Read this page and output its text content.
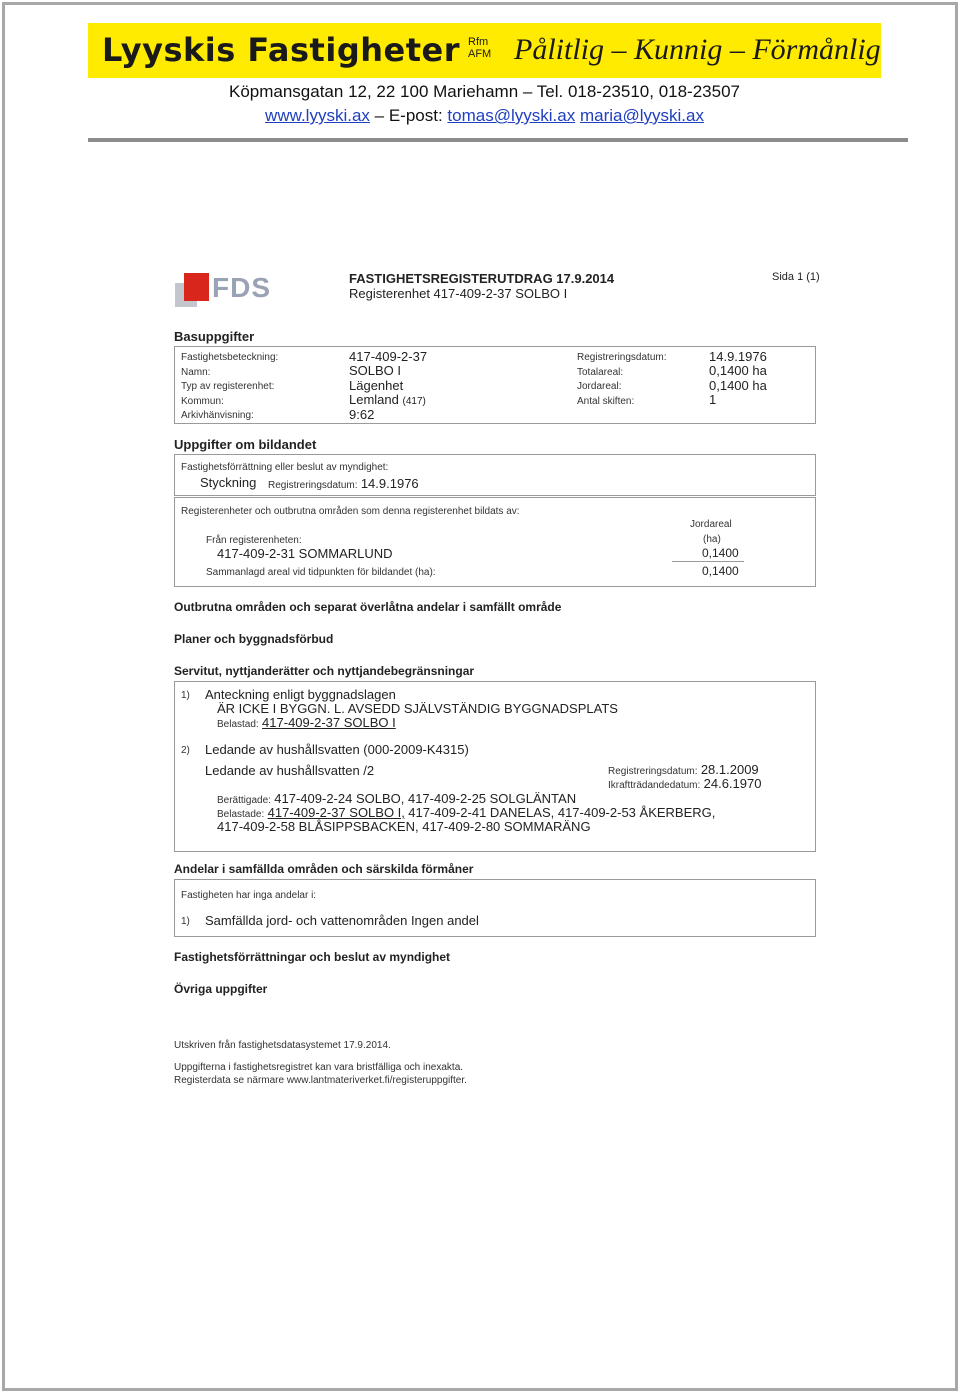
Lyyskis Fastigheter Rfm
AFM Pålitlig – Kunnig – Förmånlig
Köpmansgatan 12, 22 100 Mariehamn – Tel. 018-23510, 018-23507
www.lyyski.ax – E-post: tomas@lyyski.ax maria@lyyski.ax
FDS	FASTIGHETSREGISTERUTDRAG 17.9.2014
Registerenhet 417-409-2-37 SOLBO I
Sida 1 (1)
Basuppgifter
Fastighetsbeteckning:	417-409-2-37
Namn:	SOLBO I
Typ av registerenhet:	Lägenhet
Kommun:	Lemland (417)
Arkivhänvisning:	9:62
Registreringsdatum:	14.9.1976
Totalareal:	0,1400 ha
Jordareal:	0,1400 ha
Antal skiften:	1
Uppgifter om bildandet
Fastighetsförrättning eller beslut av myndighet:
Styckning Registreringsdatum: 14.9.1976
Registerenheter och outbrutna områden som denna registerenhet bildats av:
Jordareal
(ha)
Från registerenheten:
417-409-2-31 SOMMARLUND	0,1400
Sammanlagd areal vid tidpunkten för bildandet (ha):	0,1400
Outbrutna områden och separat överlåtna andelar i samfällt område
Planer och byggnadsförbud
Servitut, nyttjanderätter och nyttjandebegränsningar
1) Anteckning enligt byggnadslagen
ÄR ICKE I BYGGN. L. AVSEDD SJÄLVSTÄNDIG BYGGNADSPLATS
Belastad: 417-409-2-37 SOLBO I
2) Ledande av hushållsvatten (000-2009-K4315)
Ledande av hushållsvatten /2	Registreringsdatum: 28.1.2009
Ikraftträdandedatum: 24.6.1970
Berättigade: 417-409-2-24 SOLBO, 417-409-2-25 SOLGLÄNTAN
Belastade: 417-409-2-37 SOLBO I, 417-409-2-41 DANELAS, 417-409-2-53 ÅKERBERG,
417-409-2-58 BLÅSIPPSBACKEN, 417-409-2-80 SOMMARÄNG
Andelar i samfällda områden och särskilda förmåner
Fastigheten har inga andelar i:
1) Samfällda jord- och vattenområden Ingen andel
Fastighetsförrättningar och beslut av myndighet
Övriga uppgifter
Utskriven från fastighetsdatasystemet 17.9.2014.
Uppgifterna i fastighetsregistret kan vara bristfälliga och inexakta.
Registerdata se närmare www.lantmateriverket.fi/registeruppgifter.
